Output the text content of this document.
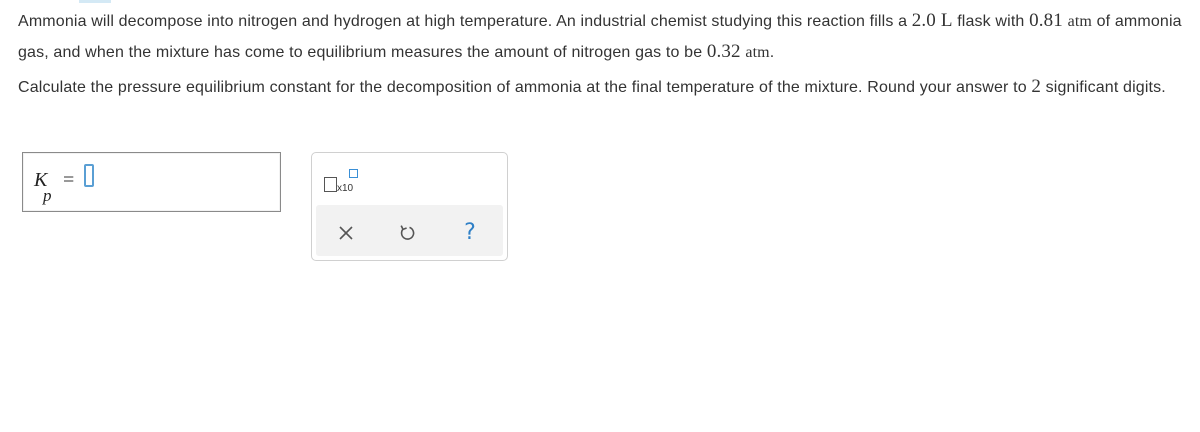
Ammonia will decompose into nitrogen and hydrogen at high temperature. An industrial chemist studying this reaction fills a 2.0 L flask with 0.81 atm of ammonia gas, and when the mixture has come to equilibrium measures the amount of nitrogen gas to be 0.32 atm.
Calculate the pressure equilibrium constant for the decomposition of ammonia at the final temperature of the mixture. Round your answer to 2 significant digits.
K
p
=	x10
?
